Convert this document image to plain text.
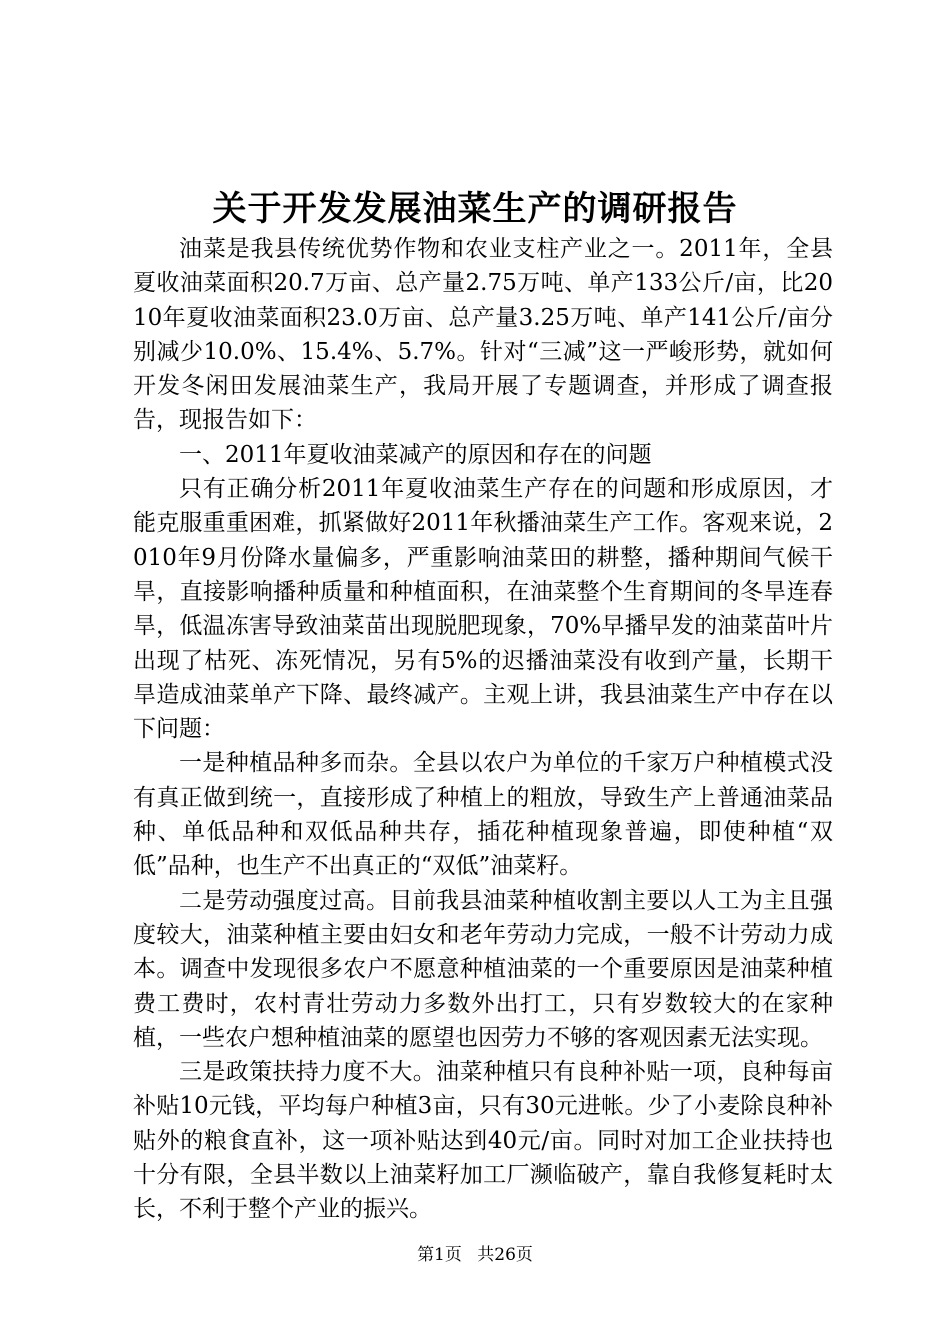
关于开发发展油菜生产的调研报告

油菜是我县传统优势作物和农业支柱产业之一。2011年，全县夏收油菜面积20.7万亩、总产量2.75万吨、单产133公斤/亩，比2010年夏收油菜面积23.0万亩、总产量3.25万吨、单产141公斤/亩分别减少10.0%、15.4%、5.7%。针对“三减”这一严峻形势，就如何开发冬闲田发展油菜生产，我局开展了专题调查，并形成了调查报告，现报告如下：

一、2011年夏收油菜减产的原因和存在的问题

只有正确分析2011年夏收油菜生产存在的问题和形成原因，才能克服重重困难，抓紧做好2011年秋播油菜生产工作。客观来说，2010年9月份降水量偏多，严重影响油菜田的耕整，播种期间气候干旱，直接影响播种质量和种植面积，在油菜整个生育期间的冬旱连春旱，低温冻害导致油菜苗出现脱肥现象，70%早播早发的油菜苗叶片出现了枯死、冻死情况，另有5%的迟播油菜没有收到产量，长期干旱造成油菜单产下降、最终减产。主观上讲，我县油菜生产中存在以下问题：

一是种植品种多而杂。全县以农户为单位的千家万户种植模式没有真正做到统一，直接形成了种植上的粗放，导致生产上普通油菜品种、单低品种和双低品种共存，插花种植现象普遍，即使种植“双低”品种，也生产不出真正的“双低”油菜籽。

二是劳动强度过高。目前我县油菜种植收割主要以人工为主且强度较大，油菜种植主要由妇女和老年劳动力完成，一般不计劳动力成本。调查中发现很多农户不愿意种植油菜的一个重要原因是油菜种植费工费时，农村青壮劳动力多数外出打工，只有岁数较大的在家种植，一些农户想种植油菜的愿望也因劳力不够的客观因素无法实现。

三是政策扶持力度不大。油菜种植只有良种补贴一项，良种每亩补贴10元钱，平均每户种植3亩，只有30元进帐。少了小麦除良种补贴外的粮食直补，这一项补贴达到40元/亩。同时对加工企业扶持也十分有限，全县半数以上油菜籽加工厂濒临破产，靠自我修复耗时太长，不利于整个产业的振兴。

第1页 共26页
